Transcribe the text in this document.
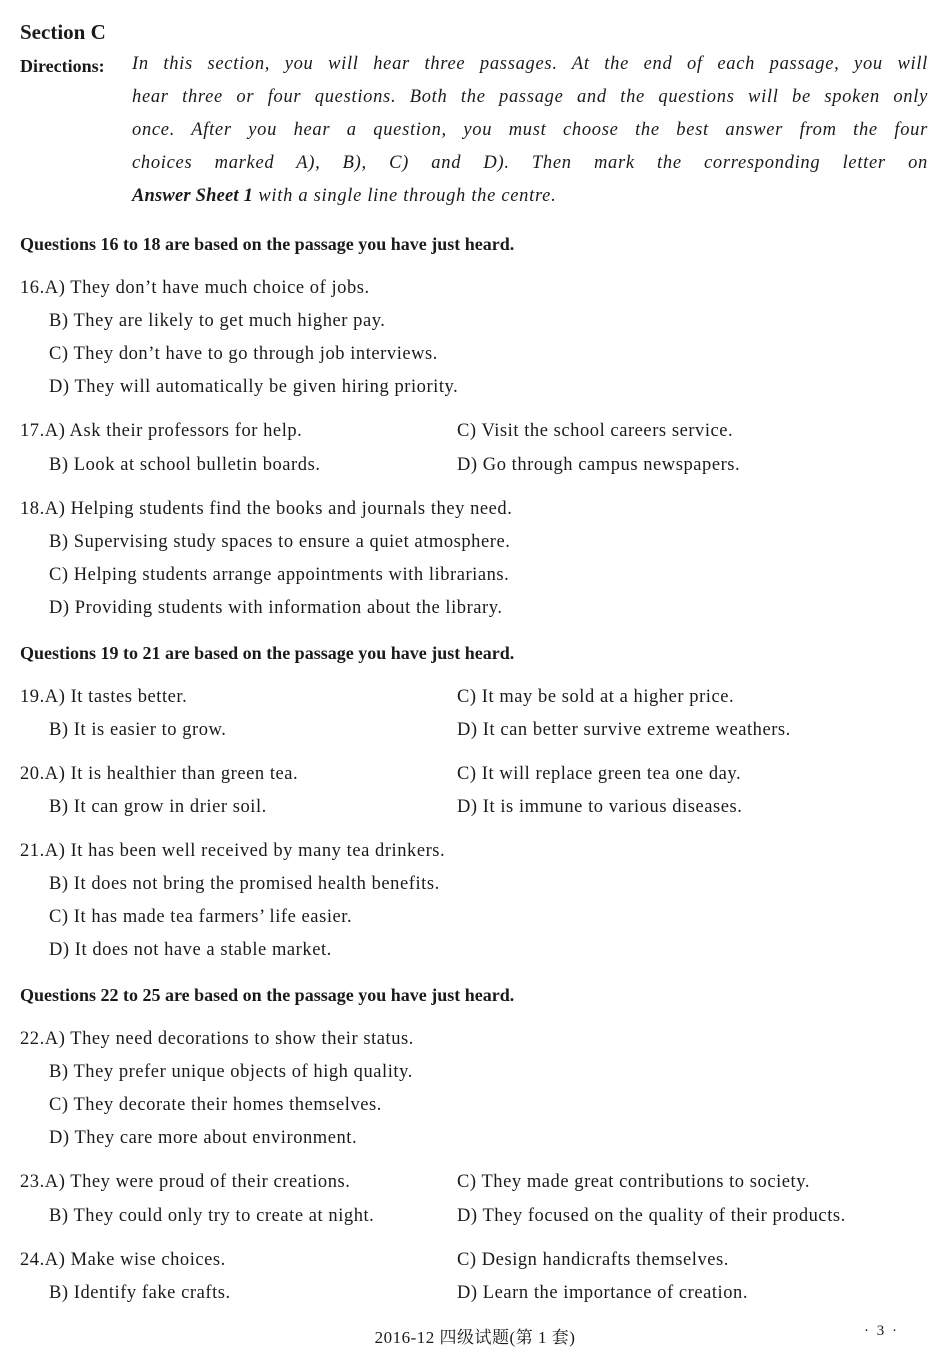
Section C
Directions: In this section, you will hear three passages. At the end of each passage, you will
hear three or four questions. Both the passage and the questions will be spoken only
once. After you hear a question, you must choose the best answer from the four
choices marked A), B), C) and D). Then mark the corresponding letter on
Answer Sheet 1 with a single line through the centre.
Questions 16 to 18 are based on the passage you have just heard.
16.A) They don’t have much choice of jobs.
B) They are likely to get much higher pay.
C) They don’t have to go through job interviews.
D) They will automatically be given hiring priority.
17.A) Ask their professors for help.
B) Look at school bulletin boards.
C) Visit the school careers service.
D) Go through campus newspapers.
18.A) Helping students find the books and journals they need.
B) Supervising study spaces to ensure a quiet atmosphere.
C) Helping students arrange appointments with librarians.
D) Providing students with information about the library.
Questions 19 to 21 are based on the passage you have just heard.
19.A) It tastes better.
B) It is easier to grow.
C) It may be sold at a higher price.
D) It can better survive extreme weathers.
20.A) It is healthier than green tea.
B) It can grow in drier soil.
C) It will replace green tea one day.
D) It is immune to various diseases.
21.A) It has been well received by many tea drinkers.
B) It does not bring the promised health benefits.
C) It has made tea farmers’ life easier.
D) It does not have a stable market.
Questions 22 to 25 are based on the passage you have just heard.
22.A) They need decorations to show their status.
B) They prefer unique objects of high quality.
C) They decorate their homes themselves.
D) They care more about environment.
23.A) They were proud of their creations.
B) They could only try to create at night.
C) They made great contributions to society.
D) They focused on the quality of their products.
24.A) Make wise choices.
B) Identify fake crafts.
C) Design handicrafts themselves.
D) Learn the importance of creation.
2016-12 四级试题(第 1 套)	· 3 ·
